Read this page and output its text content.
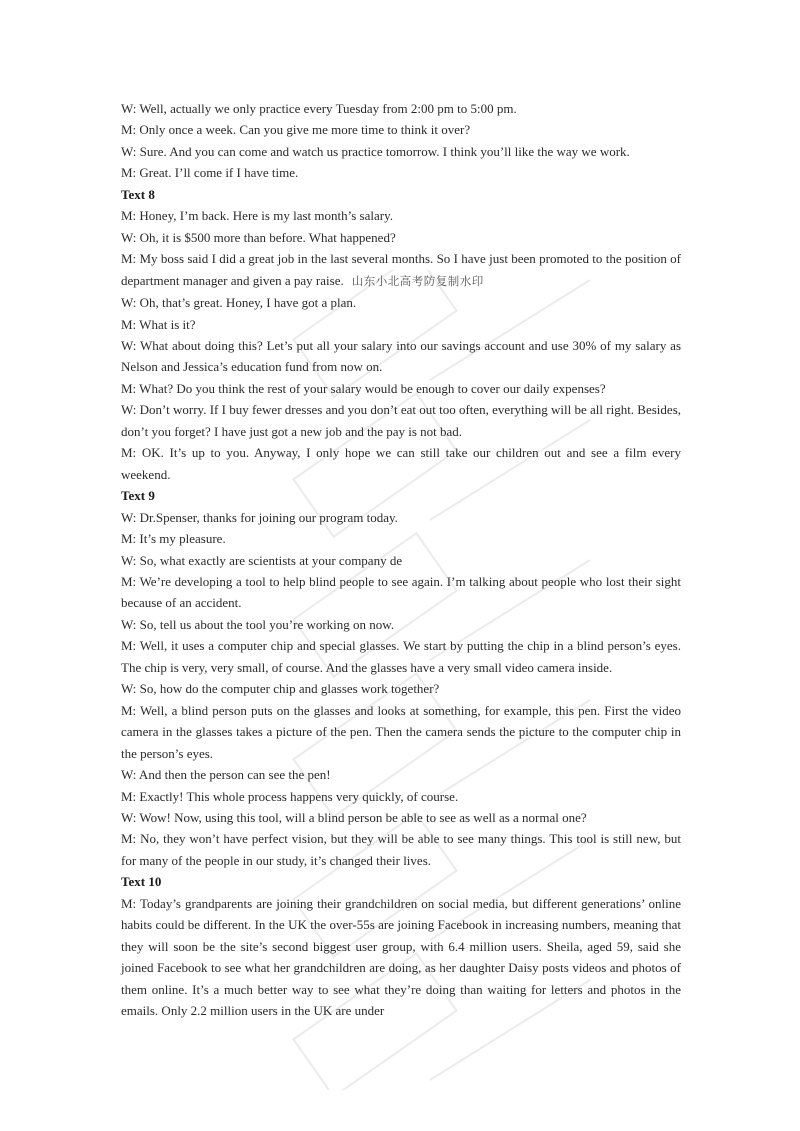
W: Well, actually we only practice every Tuesday from 2:00 pm to 5:00 pm.

M: Only once a week. Can you give me more time to think it over?

W: Sure. And you can come and watch us practice tomorrow. I think you’ll like the way we work.

M: Great. I’ll come if I have time.

Text 8

M: Honey, I’m back. Here is my last month’s salary.

W: Oh, it is $500 more than before. What happened?

M: My boss said I did a great job in the last several months. So I have just been promoted to the position of department manager and given a pay raise. 山东小北高考防复制水印

W: Oh, that’s great. Honey, I have got a plan.

M: What is it?

W: What about doing this? Let’s put all your salary into our savings account and use 30% of my salary as Nelson and Jessica’s education fund from now on.

M: What? Do you think the rest of your salary would be enough to cover our daily expenses?

W: Don’t worry. If I buy fewer dresses and you don’t eat out too often, everything will be all right. Besides, don’t you forget? I have just got a new job and the pay is not bad.

M: OK. It’s up to you. Anyway, I only hope we can still take our children out and see a film every weekend.

Text 9

W: Dr.Spenser, thanks for joining our program today.

M: It’s my pleasure.

W: So, what exactly are scientists at your company de

M: We’re developing a tool to help blind people to see again. I’m talking about people who lost their sight because of an accident.

W: So, tell us about the tool you’re working on now.

M: Well, it uses a computer chip and special glasses. We start by putting the chip in a blind person’s eyes. The chip is very, very small, of course. And the glasses have a very small video camera inside.

W: So, how do the computer chip and glasses work together?

M: Well, a blind person puts on the glasses and looks at something, for example, this pen. First the video camera in the glasses takes a picture of the pen. Then the camera sends the picture to the computer chip in the person’s eyes.

W: And then the person can see the pen!

M: Exactly! This whole process happens very quickly, of course.

W: Wow! Now, using this tool, will a blind person be able to see as well as a normal one?

M: No, they won’t have perfect vision, but they will be able to see many things. This tool is still new, but for many of the people in our study, it’s changed their lives.

Text 10

M: Today’s grandparents are joining their grandchildren on social media, but different generations’ online habits could be different. In the UK the over-55s are joining Facebook in increasing numbers, meaning that they will soon be the site’s second biggest user group, with 6.4 million users. Sheila, aged 59, said she joined Facebook to see what her grandchildren are doing, as her daughter Daisy posts videos and photos of them online. It’s a much better way to see what they’re doing than waiting for letters and photos in the emails. Only 2.2 million users in the UK are under
